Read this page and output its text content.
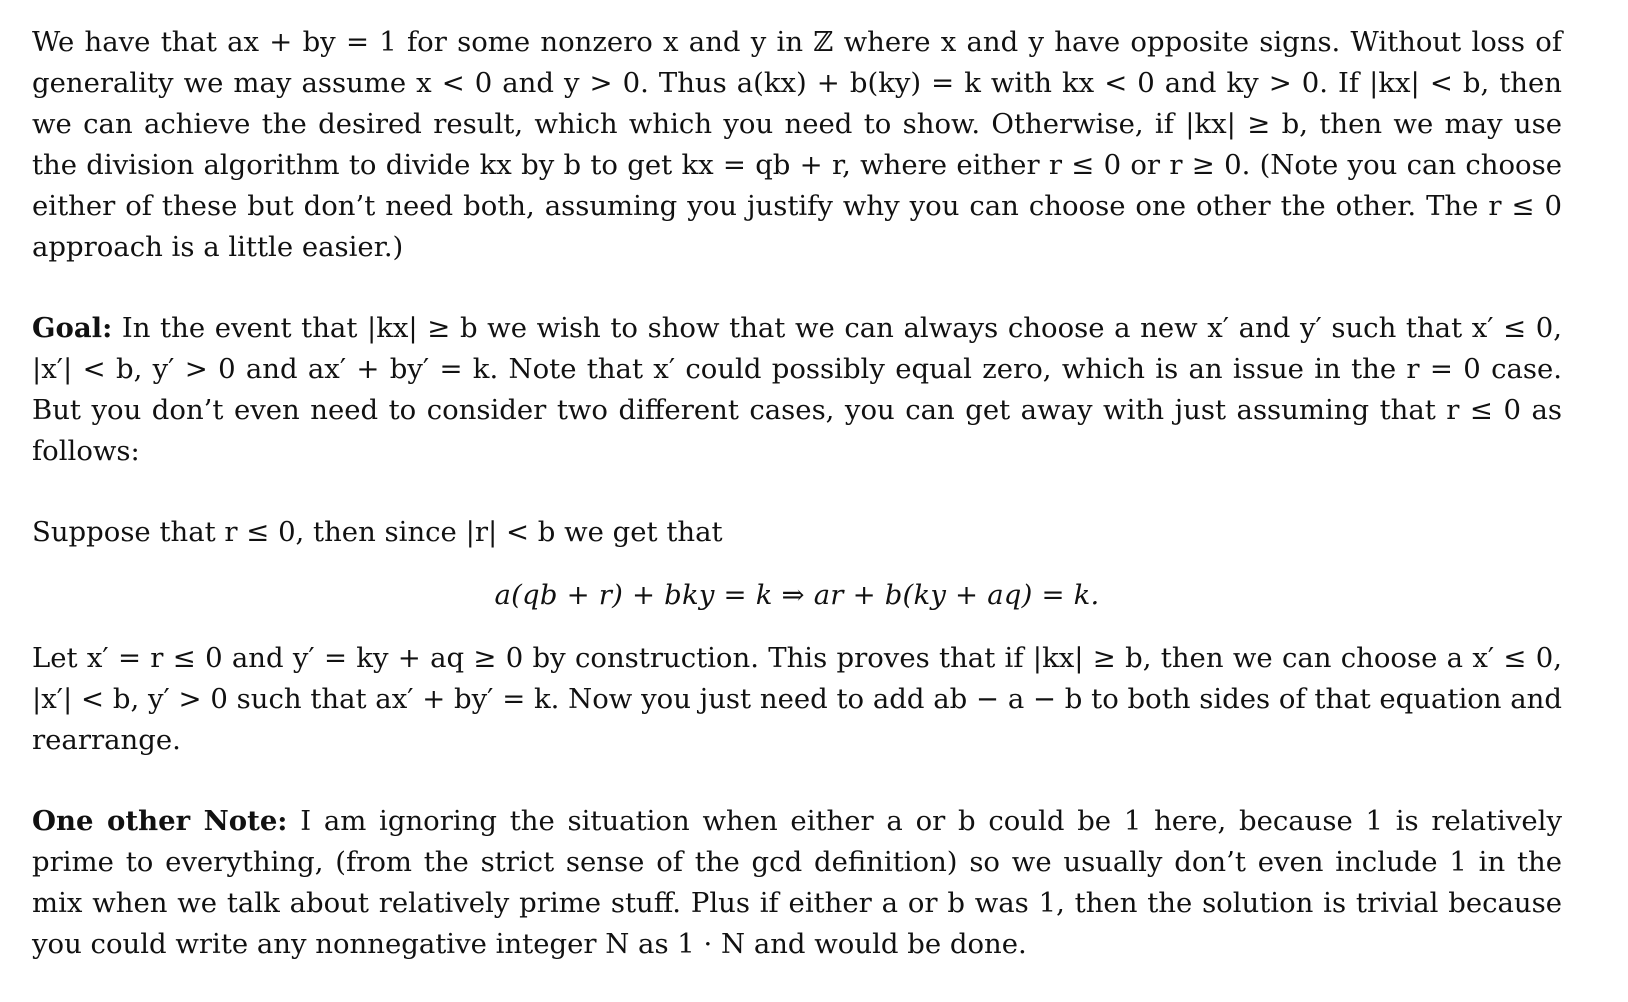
We have that ax + by = 1 for some nonzero x and y in ℤ where x and y have opposite signs. Without loss of generality we may assume x < 0 and y > 0. Thus a(kx) + b(ky) = k with kx < 0 and ky > 0. If |kx| < b, then we can achieve the desired result, which which you need to show. Otherwise, if |kx| ≥ b, then we may use the division algorithm to divide kx by b to get kx = qb + r, where either r ≤ 0 or r ≥ 0. (Note you can choose either of these but don’t need both, assuming you justify why you can choose one other the other. The r ≤ 0 approach is a little easier.)

Goal: In the event that |kx| ≥ b we wish to show that we can always choose a new x′ and y′ such that x′ ≤ 0, |x′| < b, y′ > 0 and ax′ + by′ = k. Note that x′ could possibly equal zero, which is an issue in the r = 0 case. But you don’t even need to consider two different cases, you can get away with just assuming that r ≤ 0 as follows:

Suppose that r ≤ 0, then since |r| < b we get that

a(qb + r) + bky = k ⇒ ar + b(ky + aq) = k.

Let x′ = r ≤ 0 and y′ = ky + aq ≥ 0 by construction. This proves that if |kx| ≥ b, then we can choose a x′ ≤ 0, |x′| < b, y′ > 0 such that ax′ + by′ = k. Now you just need to add ab − a − b to both sides of that equation and rearrange.

One other Note: I am ignoring the situation when either a or b could be 1 here, because 1 is relatively prime to everything, (from the strict sense of the gcd definition) so we usually don’t even include 1 in the mix when we talk about relatively prime stuff. Plus if either a or b was 1, then the solution is trivial because you could write any nonnegative integer N as 1 · N and would be done.
